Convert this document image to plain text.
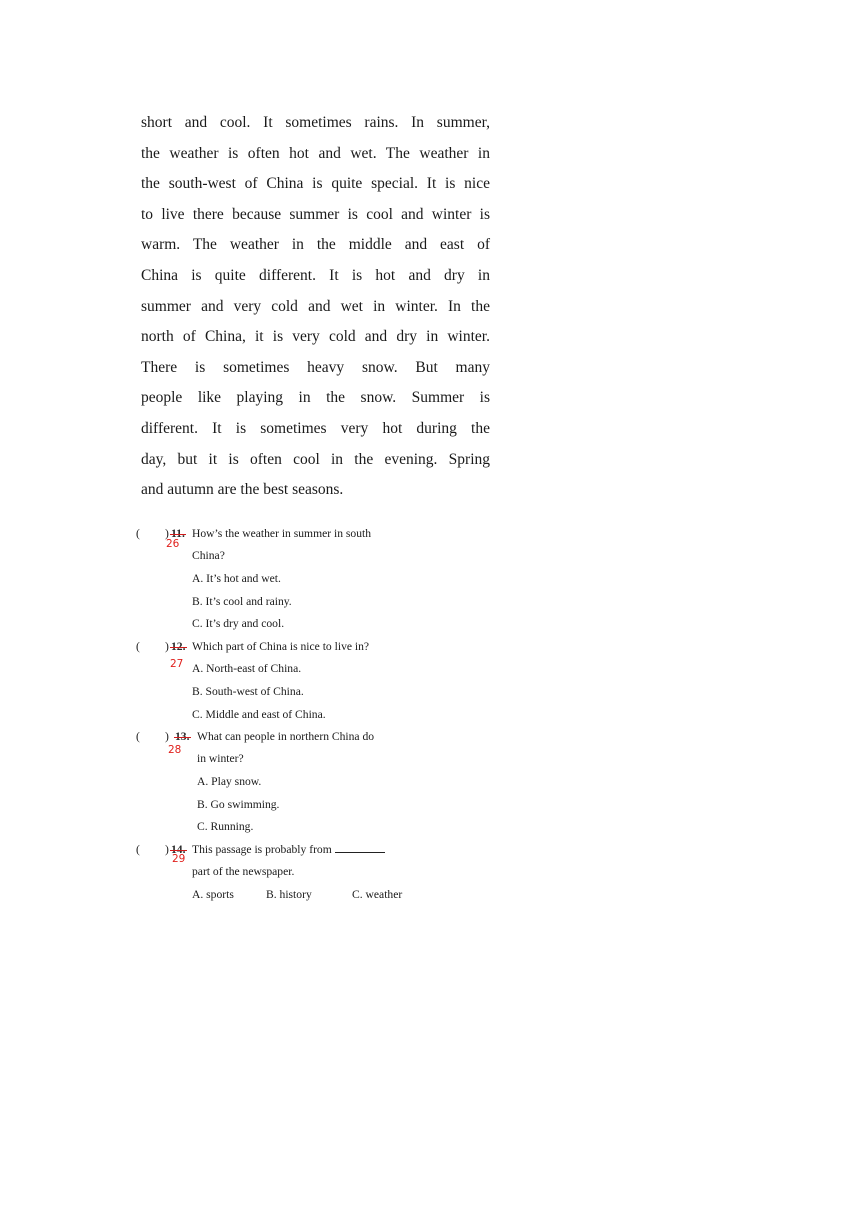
short and cool. It sometimes rains. In summer,
the weather is often hot and wet. The weather in
the south-west of China is quite special. It is nice
to live there because summer is cool and winter is
warm. The weather in the middle and east of
China is quite different. It is hot and dry in
summer and very cold and wet in winter. In the
north of China, it is very cold and dry in winter.
There is sometimes heavy snow. But many
people like playing in the snow. Summer is
different. It is sometimes very hot during the
day, but it is often cool in the evening. Spring
and autumn are the best seasons.
( )
26
How’s the weather in summer in south
China?
A. It’s hot and wet.
B. It’s cool and rainy.
C. It’s dry and cool.
( )
27
Which part of China is nice to live in?
A. North-east of China.
B. South-west of China.
C. Middle and east of China.
( )
28
What can people in northern China do
in winter?
A. Play snow.
B. Go swimming.
C. Running.
( )
29
This passage is probably from
part of the newspaper.
A. sports	B. history	C. weather
